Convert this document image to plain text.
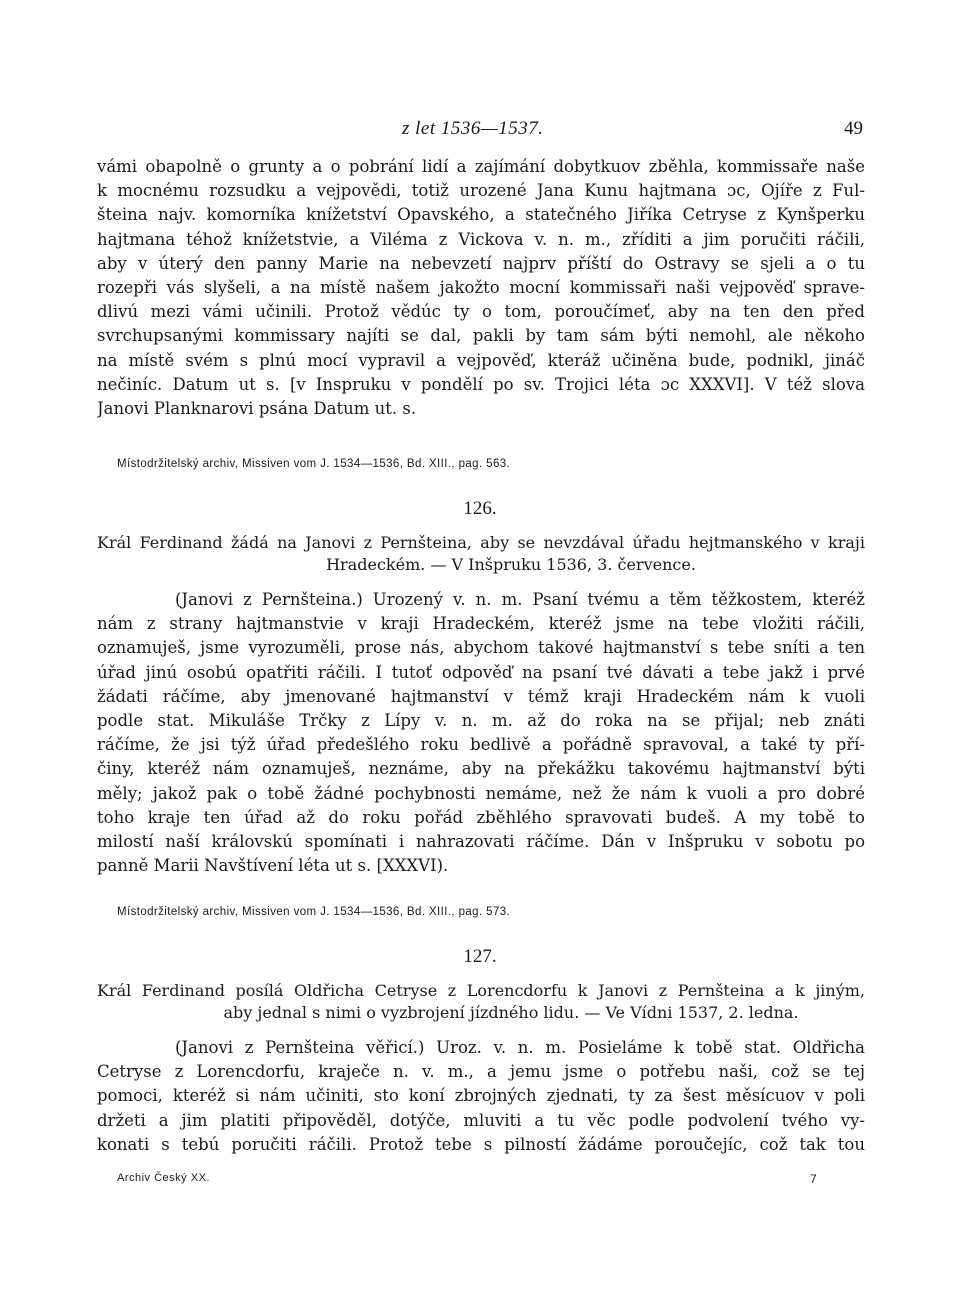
z let 1536—1537.	49
vámi obapolně o grunty a o pobrání lidí a zajímání dobytkuov zběhla, kommissaře naše
k mocnému rozsudku a vejpovědi, totiž urozené Jana Kunu hajtmana ɔc, Ojíře z Ful-
šteina najv. komorníka knížetství Opavského, a statečného Jiříka Cetryse z Kynšperku
hajtmana téhož knížetstvie, a Viléma z Vickova v. n. m., zříditi a jim poručiti ráčili,
aby v úterý den panny Marie na nebevzetí najprv příští do Ostravy se sjeli a o tu
rozepři vás slyšeli, a na místě našem jakožto mocní kommissaři naši vejpověď sprave-
dlivú mezi vámi učinili. Protož vědúc ty o tom, poroučímeť, aby na ten den před
svrchupsanými kommissary najíti se dal, pakli by tam sám býti nemohl, ale někoho
na místě svém s plnú mocí vypravil a vejpověď, kteráž učiněna bude, podnikl, jináč
nečiníc. Datum ut s. [v Inspruku v pondělí po sv. Trojici léta ɔc XXXVI]. V též slova
Janovi Planknarovi psána Datum ut. s.
Místodržitelský archiv, Missiven vom J. 1534—1536, Bd. XIII., pag. 563.
126.
Král Ferdinand žádá na Janovi z Pernšteina, aby se nevzdával úřadu hejtmanského v kraji
Hradeckém. — V Inšpruku 1536, 3. července.
(Janovi z Pernšteina.) Urozený v. n. m. Psaní tvému a těm těžkostem, kteréž
nám z strany hajtmanstvie v kraji Hradeckém, kteréž jsme na tebe vložiti ráčili,
oznamuješ, jsme vyrozuměli, prose nás, abychom takové hajtmanství s tebe sníti a ten
úřad jinú osobú opatřiti ráčili. I tutoť odpověď na psaní tvé dávati a tebe jakž i prvé
žádati ráčíme, aby jmenované hajtmanství v témž kraji Hradeckém nám k vuoli
podle stat. Mikuláše Trčky z Lípy v. n. m. až do roka na se přijal; neb znáti
ráčíme, že jsi týž úřad předešlého roku bedlivě a pořádně spravoval, a také ty pří-
činy, kteréž nám oznamuješ, neznáme, aby na překážku takovému hajtmanství býti
měly; jakož pak o tobě žádné pochybnosti nemáme, než že nám k vuoli a pro dobré
toho kraje ten úřad až do roku pořád zběhlého spravovati budeš. A my tobě to
milostí naší královskú spomínati i nahrazovati ráčíme. Dán v Inšpruku v sobotu po
panně Marii Navštívení léta ut s. [XXXVI).
Místodržitelský archiv, Missiven vom J. 1534—1536, Bd. XIII., pag. 573.
127.
Král Ferdinand posílá Oldřicha Cetryse z Lorencdorfu k Janovi z Pernšteina a k jiným,
aby jednal s nimi o vyzbrojení jízdného lidu. — Ve Vídni 1537, 2. ledna.
(Janovi z Pernšteina věřicí.) Uroz. v. n. m. Posieláme k tobě stat. Oldřicha
Cetryse z Lorencdorfu, kraječe n. v. m., a jemu jsme o potřebu naši, což se tej
pomoci, kteréž si nám učiniti, sto koní zbrojných zjednati, ty za šest měsícuov v poli
držeti a jim platiti připověděl, dotýče, mluviti a tu věc podle podvolení tvého vy-
konati s tebú poručiti ráčili. Protož tebe s pilností žádáme poroučejíc, což tak tou
Archiv Český XX.	7
